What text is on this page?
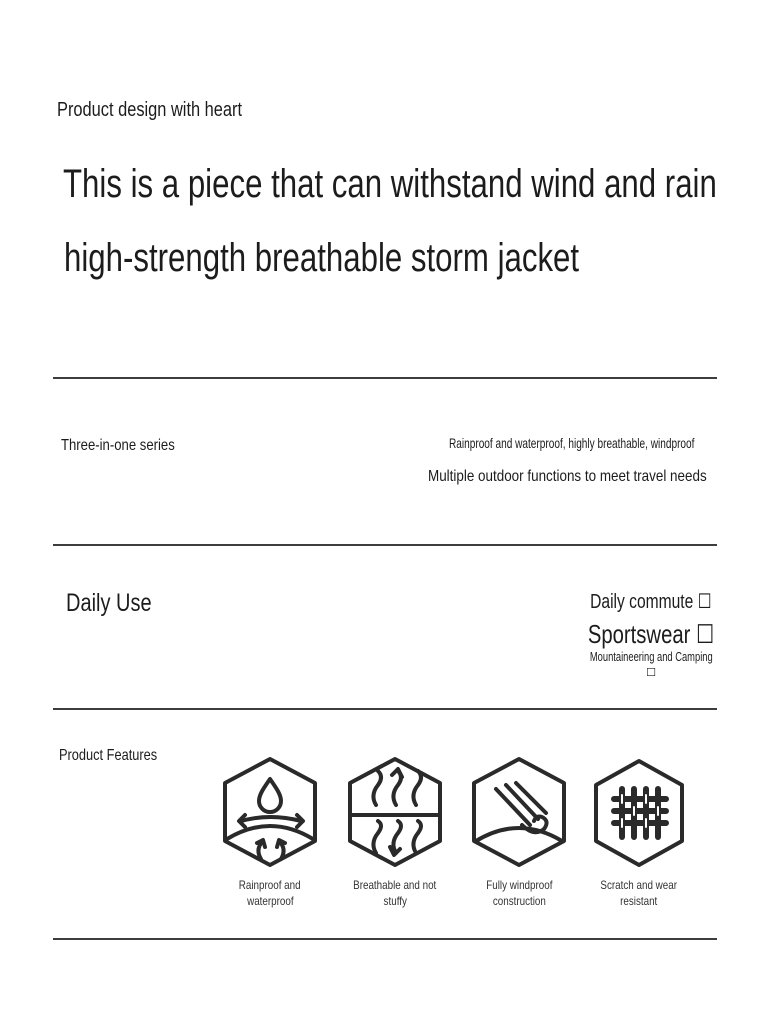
Product design with heart
This is a piece that can withstand wind and rain
high-strength breathable storm jacket
Three-in-one series	Rainproof and waterproof, highly breathable, windproof
Multiple outdoor functions to meet travel needs
Daily Use	Daily commute ☐
Sportswear ☐
Mountaineering and Camping
☐
Product Features
Rainproof and
waterproof
Breathable and not
stuffy
Fully windproof
construction
Scratch and wear
resistant
